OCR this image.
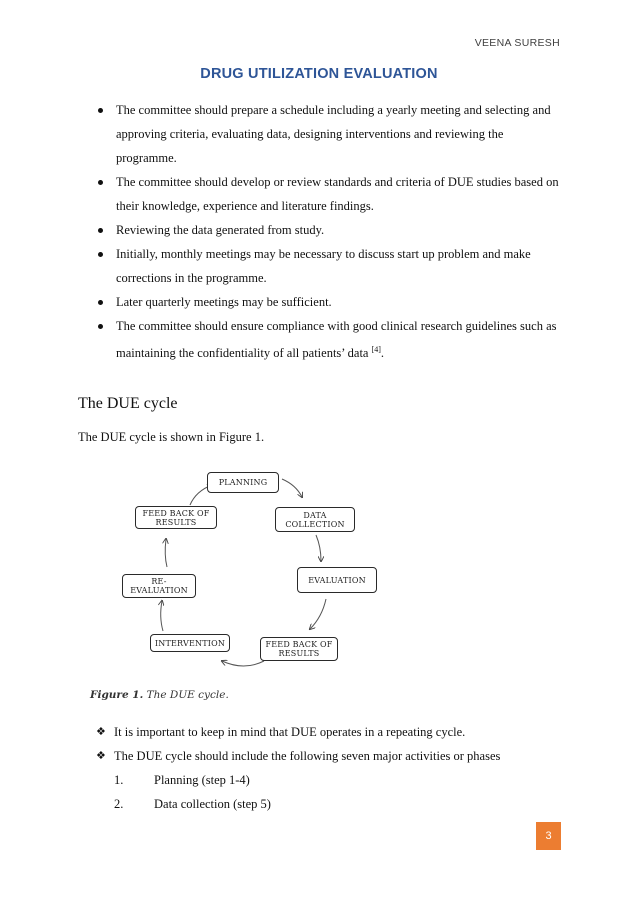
VEENA SURESH
DRUG UTILIZATION EVALUATION
The committee should prepare a schedule including a yearly meeting and selecting and approving criteria, evaluating data, designing interventions and reviewing the programme.
The committee should develop or review standards and criteria of DUE studies based on their knowledge, experience and literature findings.
Reviewing the data generated from study.
Initially, monthly meetings may be necessary to discuss start up problem and make corrections in the programme.
Later quarterly meetings may be sufficient.
The committee should ensure compliance with good clinical research guidelines such as maintaining the confidentiality of all patients’ data [4].
The DUE cycle
The DUE cycle is shown in Figure 1.
PLANNING
DATA COLLECTION
EVALUATION
FEED BACK OF RESULTS
INTERVENTION
RE- EVALUATION
FEED BACK OF RESULTS
Figure 1. The DUE cycle.
❖ It is important to keep in mind that DUE operates in a repeating cycle.
❖ The DUE cycle should include the following seven major activities or phases
1.	Planning (step 1-4)
2.	Data collection (step 5)
3
